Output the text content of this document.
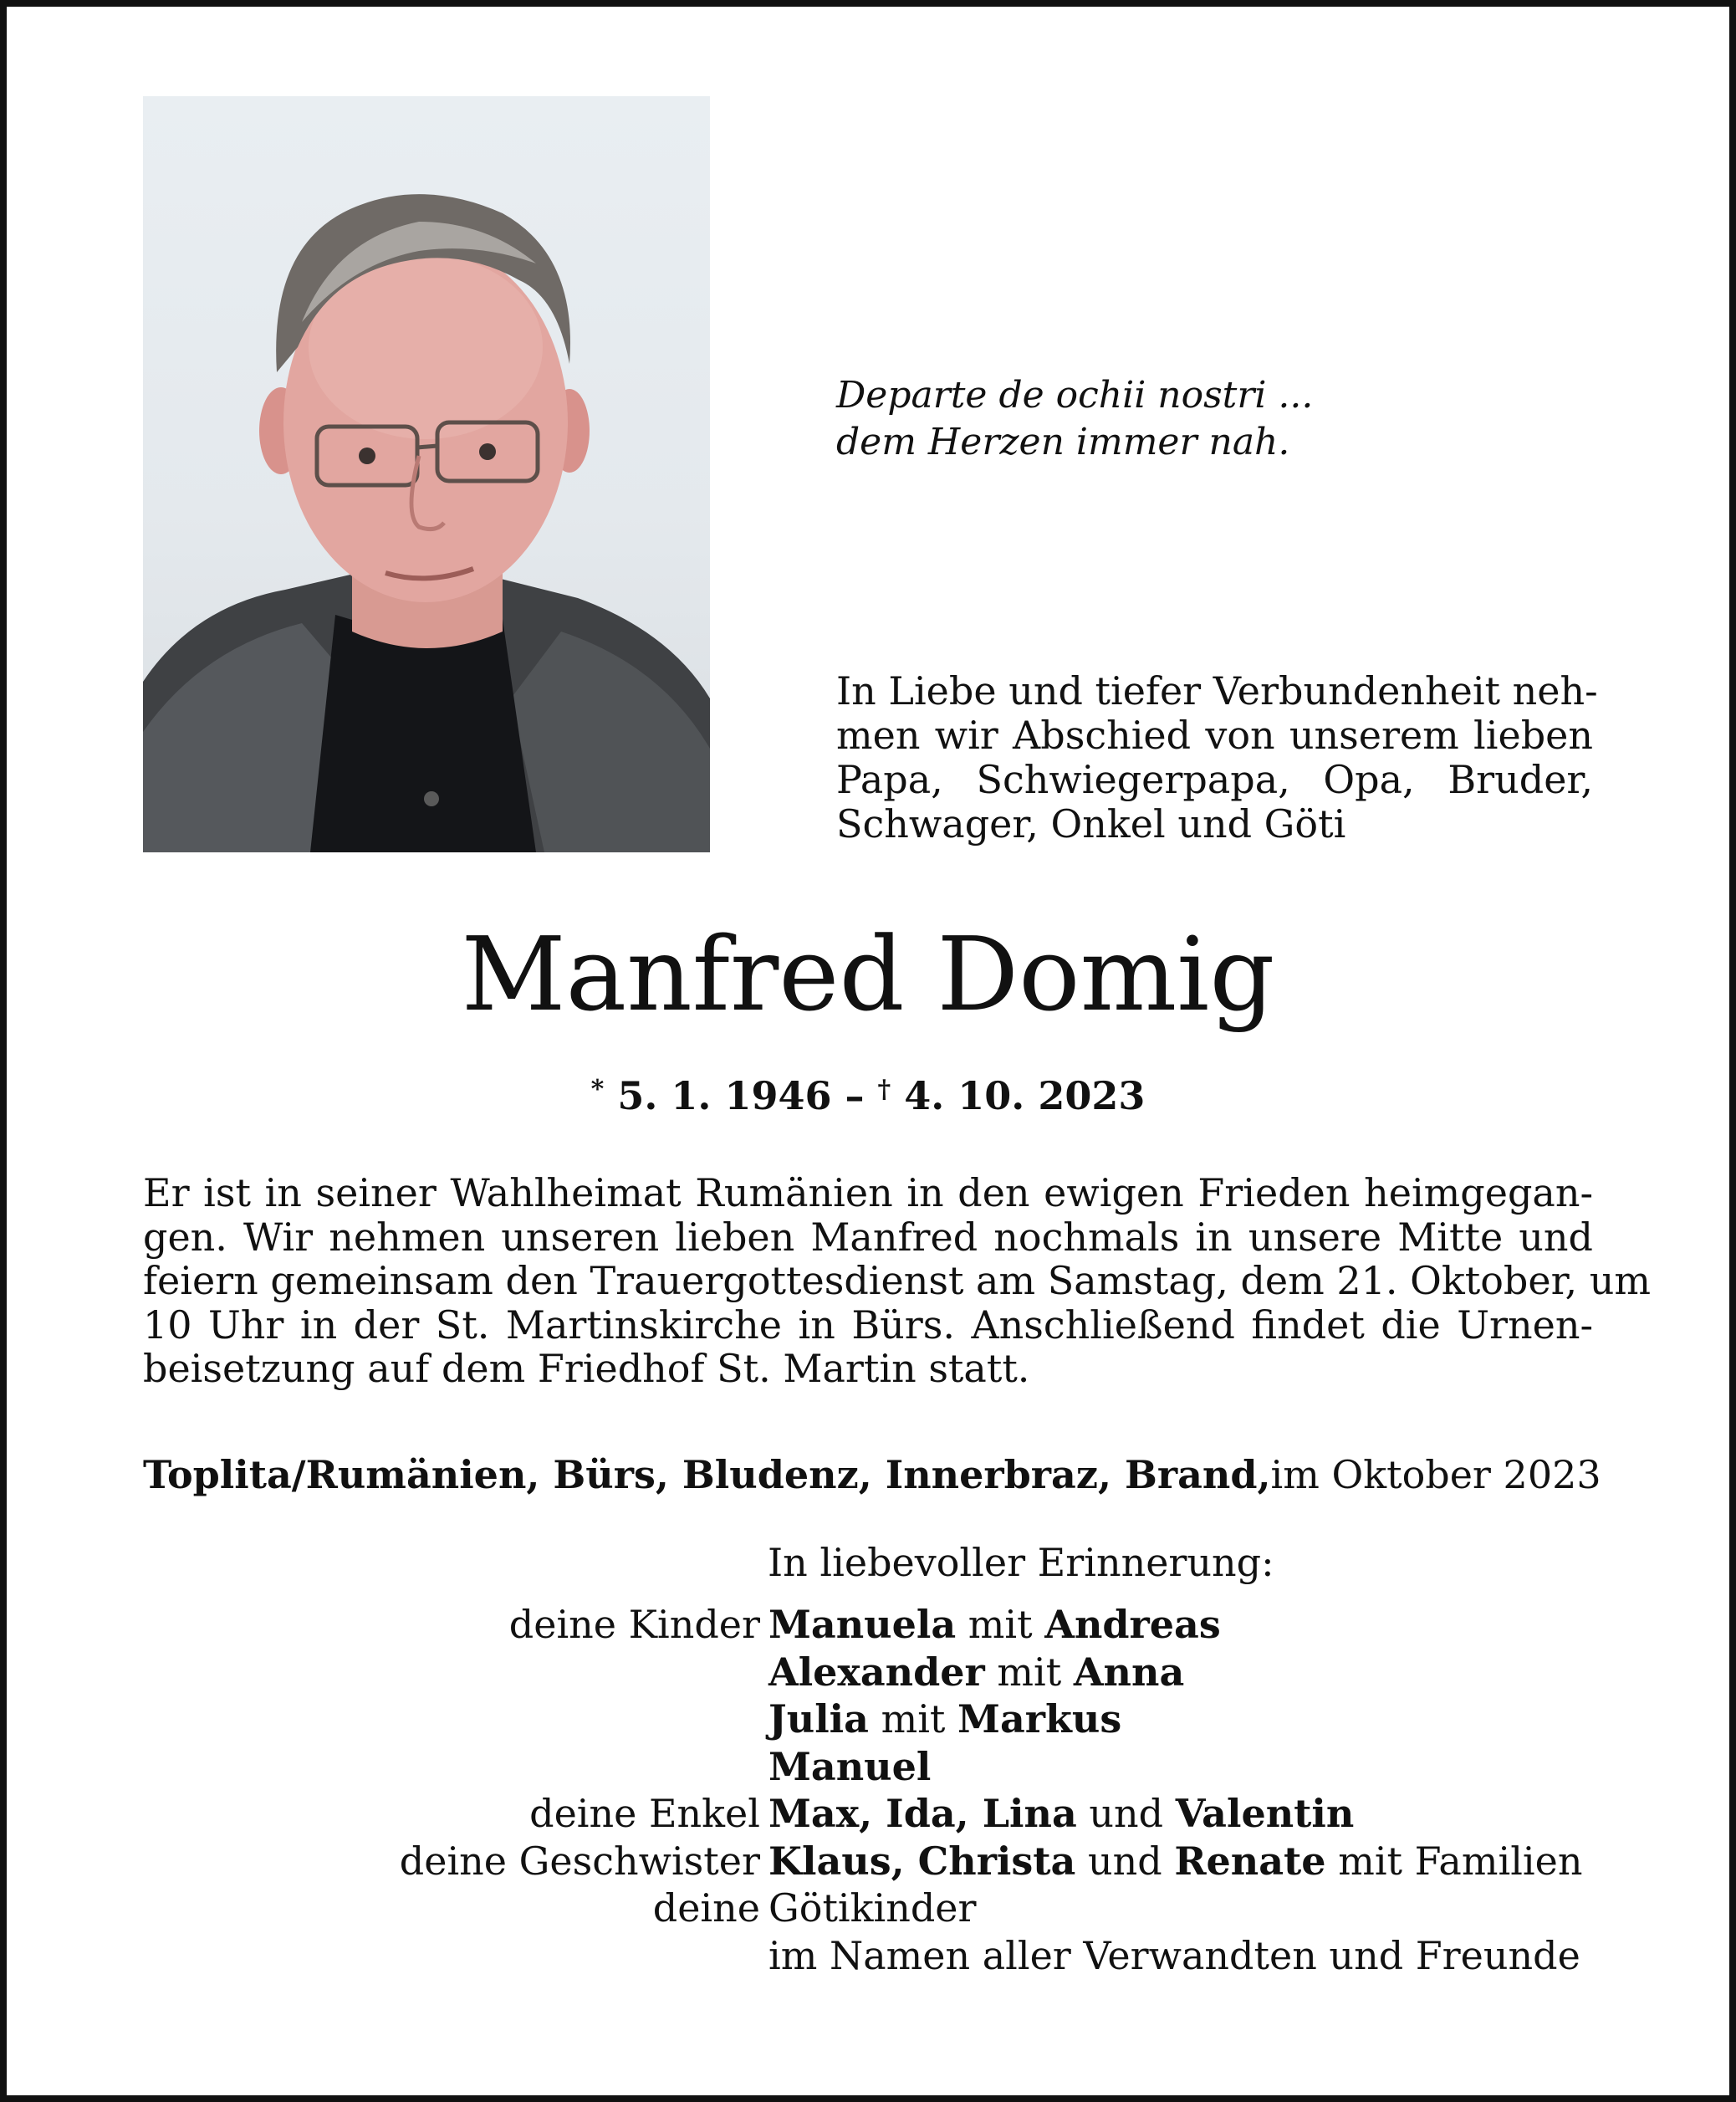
Departe de ochii nostri ...
dem Herzen immer nah.
In Liebe und tiefer Verbundenheit neh-
men wir Abschied von unserem lieben
Papa, Schwiegerpapa, Opa, Bruder,
Schwager, Onkel und Göti
Manfred Domig
* 5. 1. 1946 – † 4. 10. 2023
Er ist in seiner Wahlheimat Rumänien in den ewigen Frieden heimgegan-
gen. Wir nehmen unseren lieben Manfred nochmals in unsere Mitte und
feiern gemeinsam den Trauergottesdienst am Samstag, dem 21. Oktober, um
10 Uhr in der St. Martinskirche in Bürs. Anschließend findet die Urnen-
beisetzung auf dem Friedhof St. Martin statt.
Toplita/Rumänien, Bürs, Bludenz, Innerbraz, Brand, im Oktober 2023
In liebevoller Erinnerung:
deine Kinder Manuela mit Andreas
Alexander mit Anna
Julia mit Markus
Manuel
deine Enkel Max, Ida, Lina und Valentin
deine Geschwister Klaus, Christa und Renate mit Familien
deine Götikinder
im Namen aller Verwandten und Freunde
